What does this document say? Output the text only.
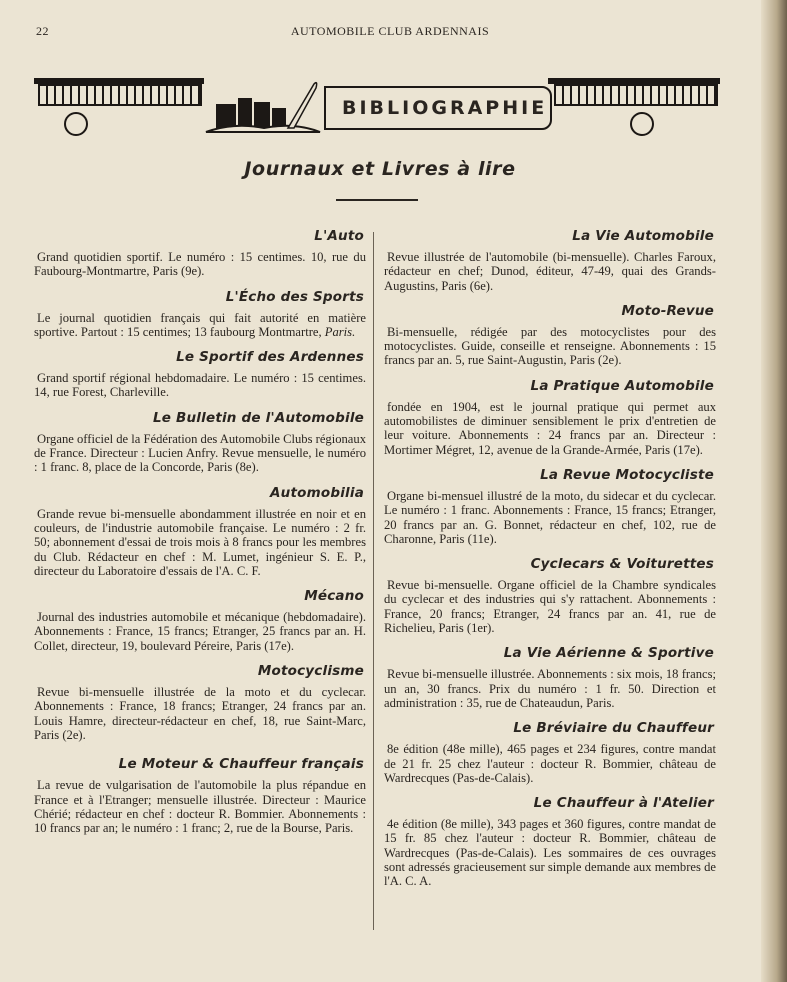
22	AUTOMOBILE CLUB ARDENNAIS
BIBLIOGRAPHIE
Journaux et Livres à lire

L'Auto

Grand quotidien sportif. Le numéro : 15 centimes. 10, rue du Faubourg-Montmartre, Paris (9e).

L'Écho des Sports

Le journal quotidien français qui fait autorité en matière sportive. Partout : 15 centimes; 13 faubourg Montmartre, Paris.

Le Sportif des Ardennes

Grand sportif régional hebdomadaire. Le numéro : 15 centimes. 14, rue Forest, Charleville.

Le Bulletin de l'Automobile

Organe officiel de la Fédération des Automobile Clubs régionaux de France. Directeur : Lucien Anfry. Revue mensuelle, le numéro : 1 franc. 8, place de la Concorde, Paris (8e).

Automobilia

Grande revue bi-mensuelle abondamment illustrée en noir et en couleurs, de l'industrie automobile française. Le numéro : 2 fr. 50; abonnement d'essai de trois mois à 8 francs pour les membres du Club. Rédacteur en chef : M. Lumet, ingénieur S. E. P., directeur du Laboratoire d'essais de l'A. C. F.

Mécano

Journal des industries automobile et mécanique (hebdomadaire). Abonnements : France, 15 francs; Etranger, 25 francs par an. H. Collet, directeur, 19, boulevard Péreire, Paris (17e).

Motocyclisme

Revue bi-mensuelle illustrée de la moto et du cyclecar. Abonnements : France, 18 francs; Etranger, 24 francs par an. Louis Hamre, directeur-rédacteur en chef, 18, rue Saint-Marc, Paris (2e).

Le Moteur & Chauffeur français

La revue de vulgarisation de l'automobile la plus répandue en France et à l'Etranger; mensuelle illustrée. Directeur : Maurice Chérié; rédacteur en chef : docteur R. Bommier. Abonnements : 10 francs par an; le numéro : 1 franc; 2, rue de la Bourse, Paris.

La Vie Automobile

Revue illustrée de l'automobile (bi-mensuelle). Charles Faroux, rédacteur en chef; Dunod, éditeur, 47-49, quai des Grands-Augustins, Paris (6e).

Moto-Revue

Bi-mensuelle, rédigée par des motocyclistes pour des motocyclistes. Guide, conseille et renseigne. Abonnements : 15 francs par an. 5, rue Saint-Augustin, Paris (2e).

La Pratique Automobile

fondée en 1904, est le journal pratique qui permet aux automobilistes de diminuer sensiblement le prix d'entretien de leur voiture. Abonnements : 24 francs par an. Directeur : Mortimer Mégret, 12, avenue de la Grande-Armée, Paris (17e).

La Revue Motocycliste

Organe bi-mensuel illustré de la moto, du sidecar et du cyclecar. Le numéro : 1 franc. Abonnements : France, 15 francs; Etranger, 20 francs par an. G. Bonnet, rédacteur en chef, 102, rue de Charonne, Paris (11e).

Cyclecars & Voiturettes

Revue bi-mensuelle. Organe officiel de la Chambre syndicales du cyclecar et des industries qui s'y rattachent. Abonnements : France, 20 francs; Etranger, 24 francs par an. 41, rue de Richelieu, Paris (1er).

La Vie Aérienne & Sportive

Revue bi-mensuelle illustrée. Abonnements : six mois, 18 francs; un an, 30 francs. Prix du numéro : 1 fr. 50. Direction et administration : 35, rue de Chateaudun, Paris.

Le Bréviaire du Chauffeur

8e édition (48e mille), 465 pages et 234 figures, contre mandat de 21 fr. 25 chez l'auteur : docteur R. Bommier, château de Wardrecques (Pas-de-Calais).

Le Chauffeur à l'Atelier

4e édition (8e mille), 343 pages et 360 figures, contre mandat de 15 fr. 85 chez l'auteur : docteur R. Bommier, château de Wardrecques (Pas-de-Calais). Les sommaires de ces ouvrages sont adressés gracieusement sur simple demande aux membres de l'A. C. A.
